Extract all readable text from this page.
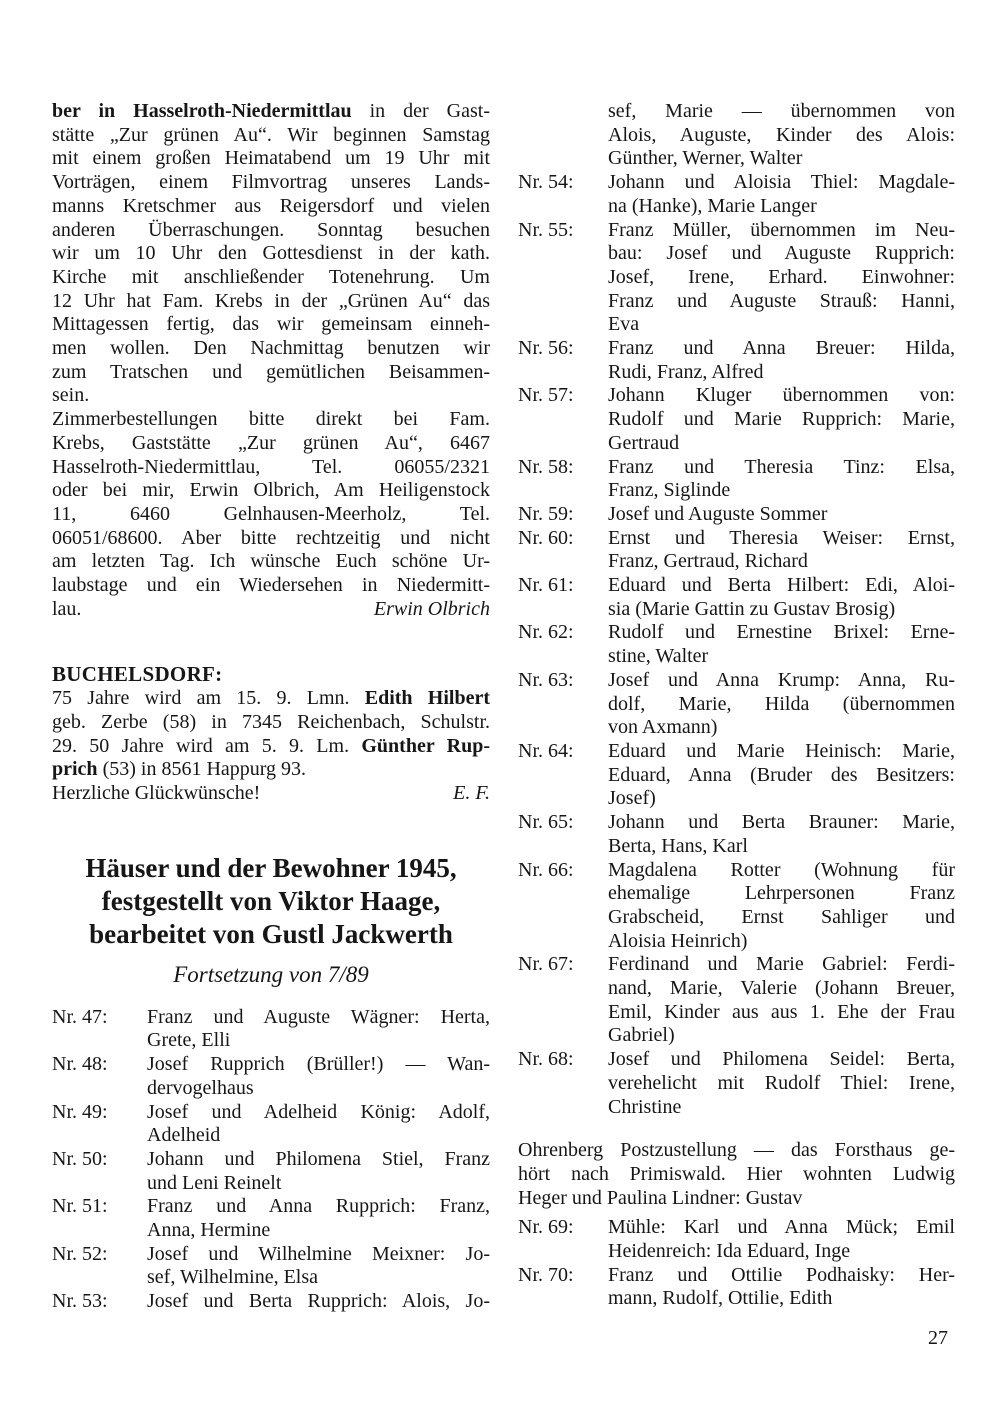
ber in Hasselroth-Niedermittlau in der Gast-
stätte „Zur grünen Au“. Wir beginnen Samstag
mit einem großen Heimatabend um 19 Uhr mit
Vorträgen, einem Filmvortrag unseres Lands-
manns Kretschmer aus Reigersdorf und vielen
anderen Überraschungen. Sonntag besuchen
wir um 10 Uhr den Gottesdienst in der kath.
Kirche mit anschließender Totenehrung. Um
12 Uhr hat Fam. Krebs in der „Grünen Au“ das
Mittagessen fertig, das wir gemeinsam einneh-
men wollen. Den Nachmittag benutzen wir
zum Tratschen und gemütlichen Beisammen-
sein.
Zimmerbestellungen bitte direkt bei Fam.
Krebs, Gaststätte „Zur grünen Au“, 6467
Hasselroth-Niedermittlau, Tel. 06055/2321
oder bei mir, Erwin Olbrich, Am Heiligenstock
11, 6460 Gelnhausen-Meerholz, Tel.
06051/68600. Aber bitte rechtzeitig und nicht
am letzten Tag. Ich wünsche Euch schöne Ur-
laubstage und ein Wiedersehen in Niedermitt-
lau.	Erwin Olbrich
BUCHELSDORF:
75 Jahre wird am 15. 9. Lmn. Edith Hilbert
geb. Zerbe (58) in 7345 Reichenbach, Schulstr.
29. 50 Jahre wird am 5. 9. Lm. Günther Rup-
prich (53) in 8561 Happurg 93.
Herzliche Glückwünsche!	E. F.
Häuser und der Bewohner 1945,
festgestellt von Viktor Haage,
bearbeitet von Gustl Jackwerth
Fortsetzung von 7/89
Nr. 47:	Franz und Auguste Wägner: Herta,
Grete, Elli
Nr. 48:	Josef Rupprich (Brüller!) — Wan-
dervogelhaus
Nr. 49:	Josef und Adelheid König: Adolf,
Adelheid
Nr. 50:	Johann und Philomena Stiel, Franz
und Leni Reinelt
Nr. 51:	Franz und Anna Rupprich: Franz,
Anna, Hermine
Nr. 52:	Josef und Wilhelmine Meixner: Jo-
sef, Wilhelmine, Elsa
Nr. 53:	Josef und Berta Rupprich: Alois, Jo-
sef, Marie — übernommen von
Alois, Auguste, Kinder des Alois:
Günther, Werner, Walter
Nr. 54:	Johann und Aloisia Thiel: Magdale-
na (Hanke), Marie Langer
Nr. 55:	Franz Müller, übernommen im Neu-
bau: Josef und Auguste Rupprich:
Josef, Irene, Erhard. Einwohner:
Franz und Auguste Strauß: Hanni,
Eva
Nr. 56:	Franz und Anna Breuer: Hilda,
Rudi, Franz, Alfred
Nr. 57:	Johann Kluger übernommen von:
Rudolf und Marie Rupprich: Marie,
Gertraud
Nr. 58:	Franz und Theresia Tinz: Elsa,
Franz, Siglinde
Nr. 59:	Josef und Auguste Sommer
Nr. 60:	Ernst und Theresia Weiser: Ernst,
Franz, Gertraud, Richard
Nr. 61:	Eduard und Berta Hilbert: Edi, Aloi-
sia (Marie Gattin zu Gustav Brosig)
Nr. 62:	Rudolf und Ernestine Brixel: Erne-
stine, Walter
Nr. 63:	Josef und Anna Krump: Anna, Ru-
dolf, Marie, Hilda (übernommen
von Axmann)
Nr. 64:	Eduard und Marie Heinisch: Marie,
Eduard, Anna (Bruder des Besitzers:
Josef)
Nr. 65:	Johann und Berta Brauner: Marie,
Berta, Hans, Karl
Nr. 66:	Magdalena Rotter (Wohnung für
ehemalige Lehrpersonen Franz
Grabscheid, Ernst Sahliger und
Aloisia Heinrich)
Nr. 67:	Ferdinand und Marie Gabriel: Ferdi-
nand, Marie, Valerie (Johann Breuer,
Emil, Kinder aus aus 1. Ehe der Frau
Gabriel)
Nr. 68:	Josef und Philomena Seidel: Berta,
verehelicht mit Rudolf Thiel: Irene,
Christine
Ohrenberg Postzustellung — das Forsthaus ge-
hört nach Primiswald. Hier wohnten Ludwig
Heger und Paulina Lindner: Gustav
Nr. 69:	Mühle: Karl und Anna Mück; Emil
Heidenreich: Ida Eduard, Inge
Nr. 70:	Franz und Ottilie Podhaisky: Her-
mann, Rudolf, Ottilie, Edith
27
